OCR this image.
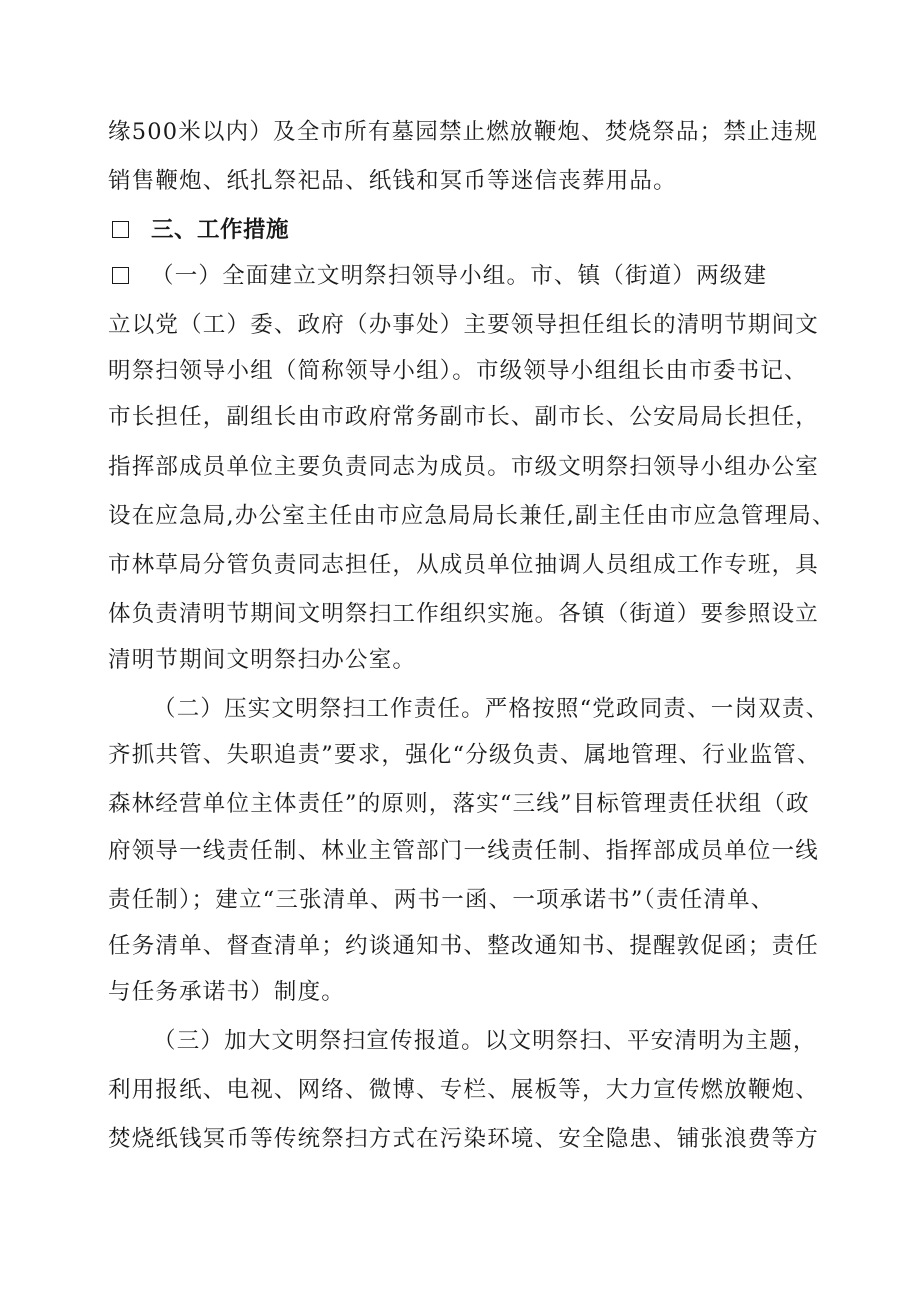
缘500米以内）及全市所有墓园禁止燃放鞭炮、焚烧祭品；禁止违规
销售鞭炮、纸扎祭祀品、纸钱和冥币等迷信丧葬用品。
三、工作措施
（一）全面建立文明祭扫领导小组。市、镇（街道）两级建
立以党（工）委、政府（办事处）主要领导担任组长的清明节期间文
明祭扫领导小组（简称领导小组）。市级领导小组组长由市委书记、
市长担任，副组长由市政府常务副市长、副市长、公安局局长担任，
指挥部成员单位主要负责同志为成员。市级文明祭扫领导小组办公室
设在应急局,办公室主任由市应急局局长兼任,副主任由市应急管理局、
市林草局分管负责同志担任，从成员单位抽调人员组成工作专班，具
体负责清明节期间文明祭扫工作组织实施。各镇（街道）要参照设立
清明节期间文明祭扫办公室。
（二）压实文明祭扫工作责任。严格按照“党政同责、一岗双责、
齐抓共管、失职追责”要求，强化“分级负责、属地管理、行业监管、
森林经营单位主体责任”的原则，落实“三线”目标管理责任状组（政
府领导一线责任制、林业主管部门一线责任制、指挥部成员单位一线
责任制）；建立“三张清单、两书一函、一项承诺书”（责任清单、
任务清单、督查清单；约谈通知书、整改通知书、提醒敦促函；责任
与任务承诺书）制度。
（三）加大文明祭扫宣传报道。以文明祭扫、平安清明为主题，
利用报纸、电视、网络、微博、专栏、展板等，大力宣传燃放鞭炮、
焚烧纸钱冥币等传统祭扫方式在污染环境、安全隐患、铺张浪费等方
